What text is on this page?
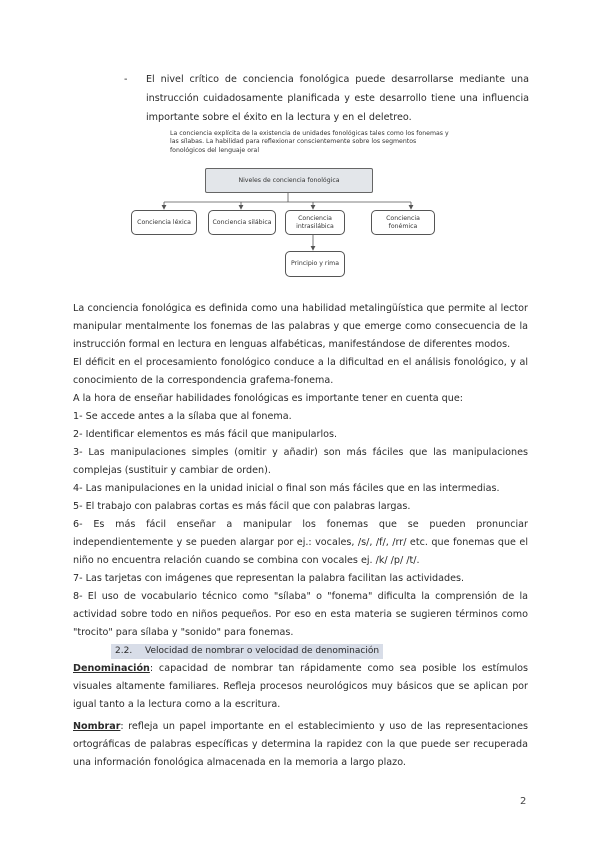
- El nivel crítico de conciencia fonológica puede desarrollarse mediante una instrucción cuidadosamente planificada y este desarrollo tiene una influencia importante sobre el éxito en la lectura y en el deletreo.
La conciencia explícita de la existencia de unidades fonológicas tales como los fonemas y las sílabas. La habilidad para reflexionar conscientemente sobre los segmentos fonológicos del lenguaje oral
Niveles de conciencia fonológica
Conciencia léxica	Conciencia silábica
Conciencia intrasilábica
Conciencia fonémica
Principio y rima

La conciencia fonológica es definida como una habilidad metalingüística que permite al lector manipular mentalmente los fonemas de las palabras y que emerge como consecuencia de la instrucción formal en lectura en lenguas alfabéticas, manifestándose de diferentes modos.

El déficit en el procesamiento fonológico conduce a la dificultad en el análisis fonológico, y al conocimiento de la correspondencia grafema-fonema.

A la hora de enseñar habilidades fonológicas es importante tener en cuenta que:

1- Se accede antes a la sílaba que al fonema.

2- Identificar elementos es más fácil que manipularlos.

3- Las manipulaciones simples (omitir y añadir) son más fáciles que las manipulaciones complejas (sustituir y cambiar de orden).

4- Las manipulaciones en la unidad inicial o final son más fáciles que en las intermedias.

5- El trabajo con palabras cortas es más fácil que con palabras largas.

6- Es más fácil enseñar a manipular los fonemas que se pueden pronunciar independientemente y se pueden alargar por ej.: vocales, /s/, /f/, /rr/ etc. que fonemas que el niño no encuentra relación cuando se combina con vocales ej. /k/ /p/ /t/.

7- Las tarjetas con imágenes que representan la palabra facilitan las actividades.

8- El uso de vocabulario técnico como "sílaba" o "fonema" dificulta la comprensión de la actividad sobre todo en niños pequeños. Por eso en esta materia se sugieren términos como "trocito" para sílaba y "sonido" para fonemas.

2.2. Velocidad de nombrar o velocidad de denominación

Denominación: capacidad de nombrar tan rápidamente como sea posible los estímulos visuales altamente familiares. Refleja procesos neurológicos muy básicos que se aplican por igual tanto a la lectura como a la escritura.

Nombrar: refleja un papel importante en el establecimiento y uso de las representaciones ortográficas de palabras específicas y determina la rapidez con la que puede ser recuperada una información fonológica almacenada en la memoria a largo plazo.

2
